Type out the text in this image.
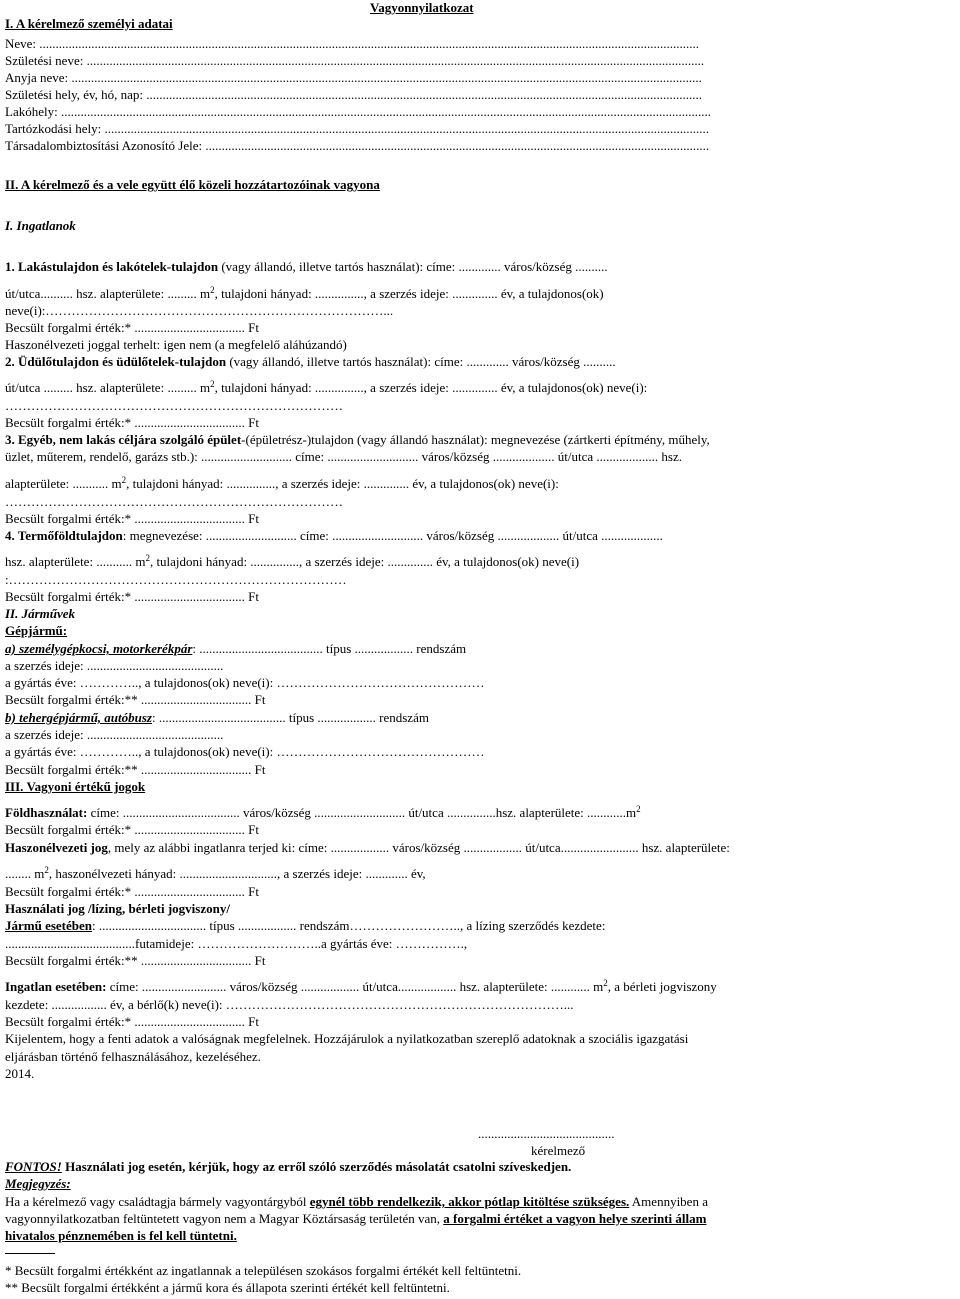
Vagyonnyilatkozat
I. A kérelmező személyi adatai
Neve: ...........................................................................................................................................................................................................
Születési neve: ..............................................................................................................................................................................................
Anyja neve: ..................................................................................................................................................................................................
Születési hely, év, hó, nap: ...........................................................................................................................................................................
Lakóhely: ........................................................................................................................................................................................................
Tartózkodási hely: ..........................................................................................................................................................................................
Társadalombiztosítási Azonosító Jele: ...........................................................................................................................................................
II. A kérelmező és a vele együtt élő közeli hozzátartozóinak vagyona
I. Ingatlanok
1. Lakástulajdon és lakótelek-tulajdon (vagy állandó, illetve tartós használat): címe: ............. város/község ..........
út/utca.......... hsz. alapterülete: ......... $m^2$, tulajdoni hányad: ..............., a szerzés ideje: .............. év, a tulajdonos(ok)
neve(i):……………………………………………………………………...
Becsült forgalmi érték:* .................................. Ft
Haszonélvezeti joggal terhelt: igen nem (a megfelelő aláhúzandó)
2. Üdülőtulajdon és üdülőtelek-tulajdon (vagy állandó, illetve tartós használat): címe: ............. város/község ..........
út/utca ......... hsz. alapterülete: ......... $m^2$, tulajdoni hányad: ..............., a szerzés ideje: .............. év, a tulajdonos(ok) neve(i):
……………………………………………………………………
Becsült forgalmi érték:* .................................. Ft
3. Egyéb, nem lakás céljára szolgáló épület-(épületrész-)tulajdon (vagy állandó használat): megnevezése (zártkerti építmény, műhely,
üzlet, műterem, rendelő, garázs stb.): ............................ címe: ............................ város/község ................... út/utca ................... hsz.
alapterülete: ........... $m^2$, tulajdoni hányad: ..............., a szerzés ideje: .............. év, a tulajdonos(ok) neve(i):
……………………………………………………………………
Becsült forgalmi érték:* .................................. Ft
4. Termőföldtulajdon: megnevezése: ............................ címe: ............................ város/község ................... út/utca ...................
hsz. alapterülete: ........... $m^2$, tulajdoni hányad: ..............., a szerzés ideje: .............. év, a tulajdonos(ok) neve(i)
:……………………………………………………………………
Becsült forgalmi érték:* .................................. Ft
II. Járművek
Gépjármű:
a) személygépkocsi, motorkerékpár: ...................................... típus .................. rendszám
a szerzés ideje: ..........................................
a gyártás éve: ………….., a tulajdonos(ok) neve(i): …………………………………………
Becsült forgalmi érték:** .................................. Ft
b) tehergépjármű, autóbusz: ....................................... típus .................. rendszám
a szerzés ideje: ..........................................
a gyártás éve: ………….., a tulajdonos(ok) neve(i): …………………………………………
Becsült forgalmi érték:** .................................. Ft
III. Vagyoni értékű jogok
Földhasználat: címe: .................................... város/község ............................ út/utca ...............hsz. alapterülete: $............m^2$
Becsült forgalmi érték:* .................................. Ft
Haszonélvezeti jog, mely az alábbi ingatlanra terjed ki: címe: .................. város/község .................. út/utca........................ hsz. alapterülete:
........ $m^2$, haszonélvezeti hányad: .............................., a szerzés ideje: ............. év,
Becsült forgalmi érték:* .................................. Ft
Használati jog /lízing, bérleti jogviszony/
Jármű esetében: ................................. típus .................. rendszám…………………….., a lízing szerződés kezdete:
........................................futamideje: ………………………..a gyártás éve: …………….,
Becsült forgalmi érték:** .................................. Ft
Ingatlan esetében: címe: .......................... város/község .................. út/utca.................. hsz. alapterülete: ............ $m^2$, a bérleti jogviszony
kezdete: ................. év, a bérlő(k) neve(i): ……………………………………………………………………...
Becsült forgalmi érték:* .................................. Ft
Kijelentem, hogy a fenti adatok a valóságnak megfelelnek. Hozzájárulok a nyilatkozatban szereplő adatoknak a szociális igazgatási
eljárásban történő felhasználásához, kezeléséhez.
2014.
..........................................
kérelmező
FONTOS! Használati jog esetén, kérjük, hogy az erről szóló szerződés másolatát csatolni szíveskedjen.
Megjegyzés:
Ha a kérelmező vagy családtagja bármely vagyontárgyból egynél több rendelkezik, akkor pótlap kitöltése szükséges. Amennyiben a
vagyonnyilatkozatban feltüntetett vagyon nem a Magyar Köztársaság területén van, a forgalmi értéket a vagyon helye szerinti állam
hivatalos pénznemében is fel kell tüntetni.
* Becsült forgalmi értékként az ingatlannak a településen szokásos forgalmi értékét kell feltüntetni.
** Becsült forgalmi értékként a jármű kora és állapota szerinti értékét kell feltüntetni.
